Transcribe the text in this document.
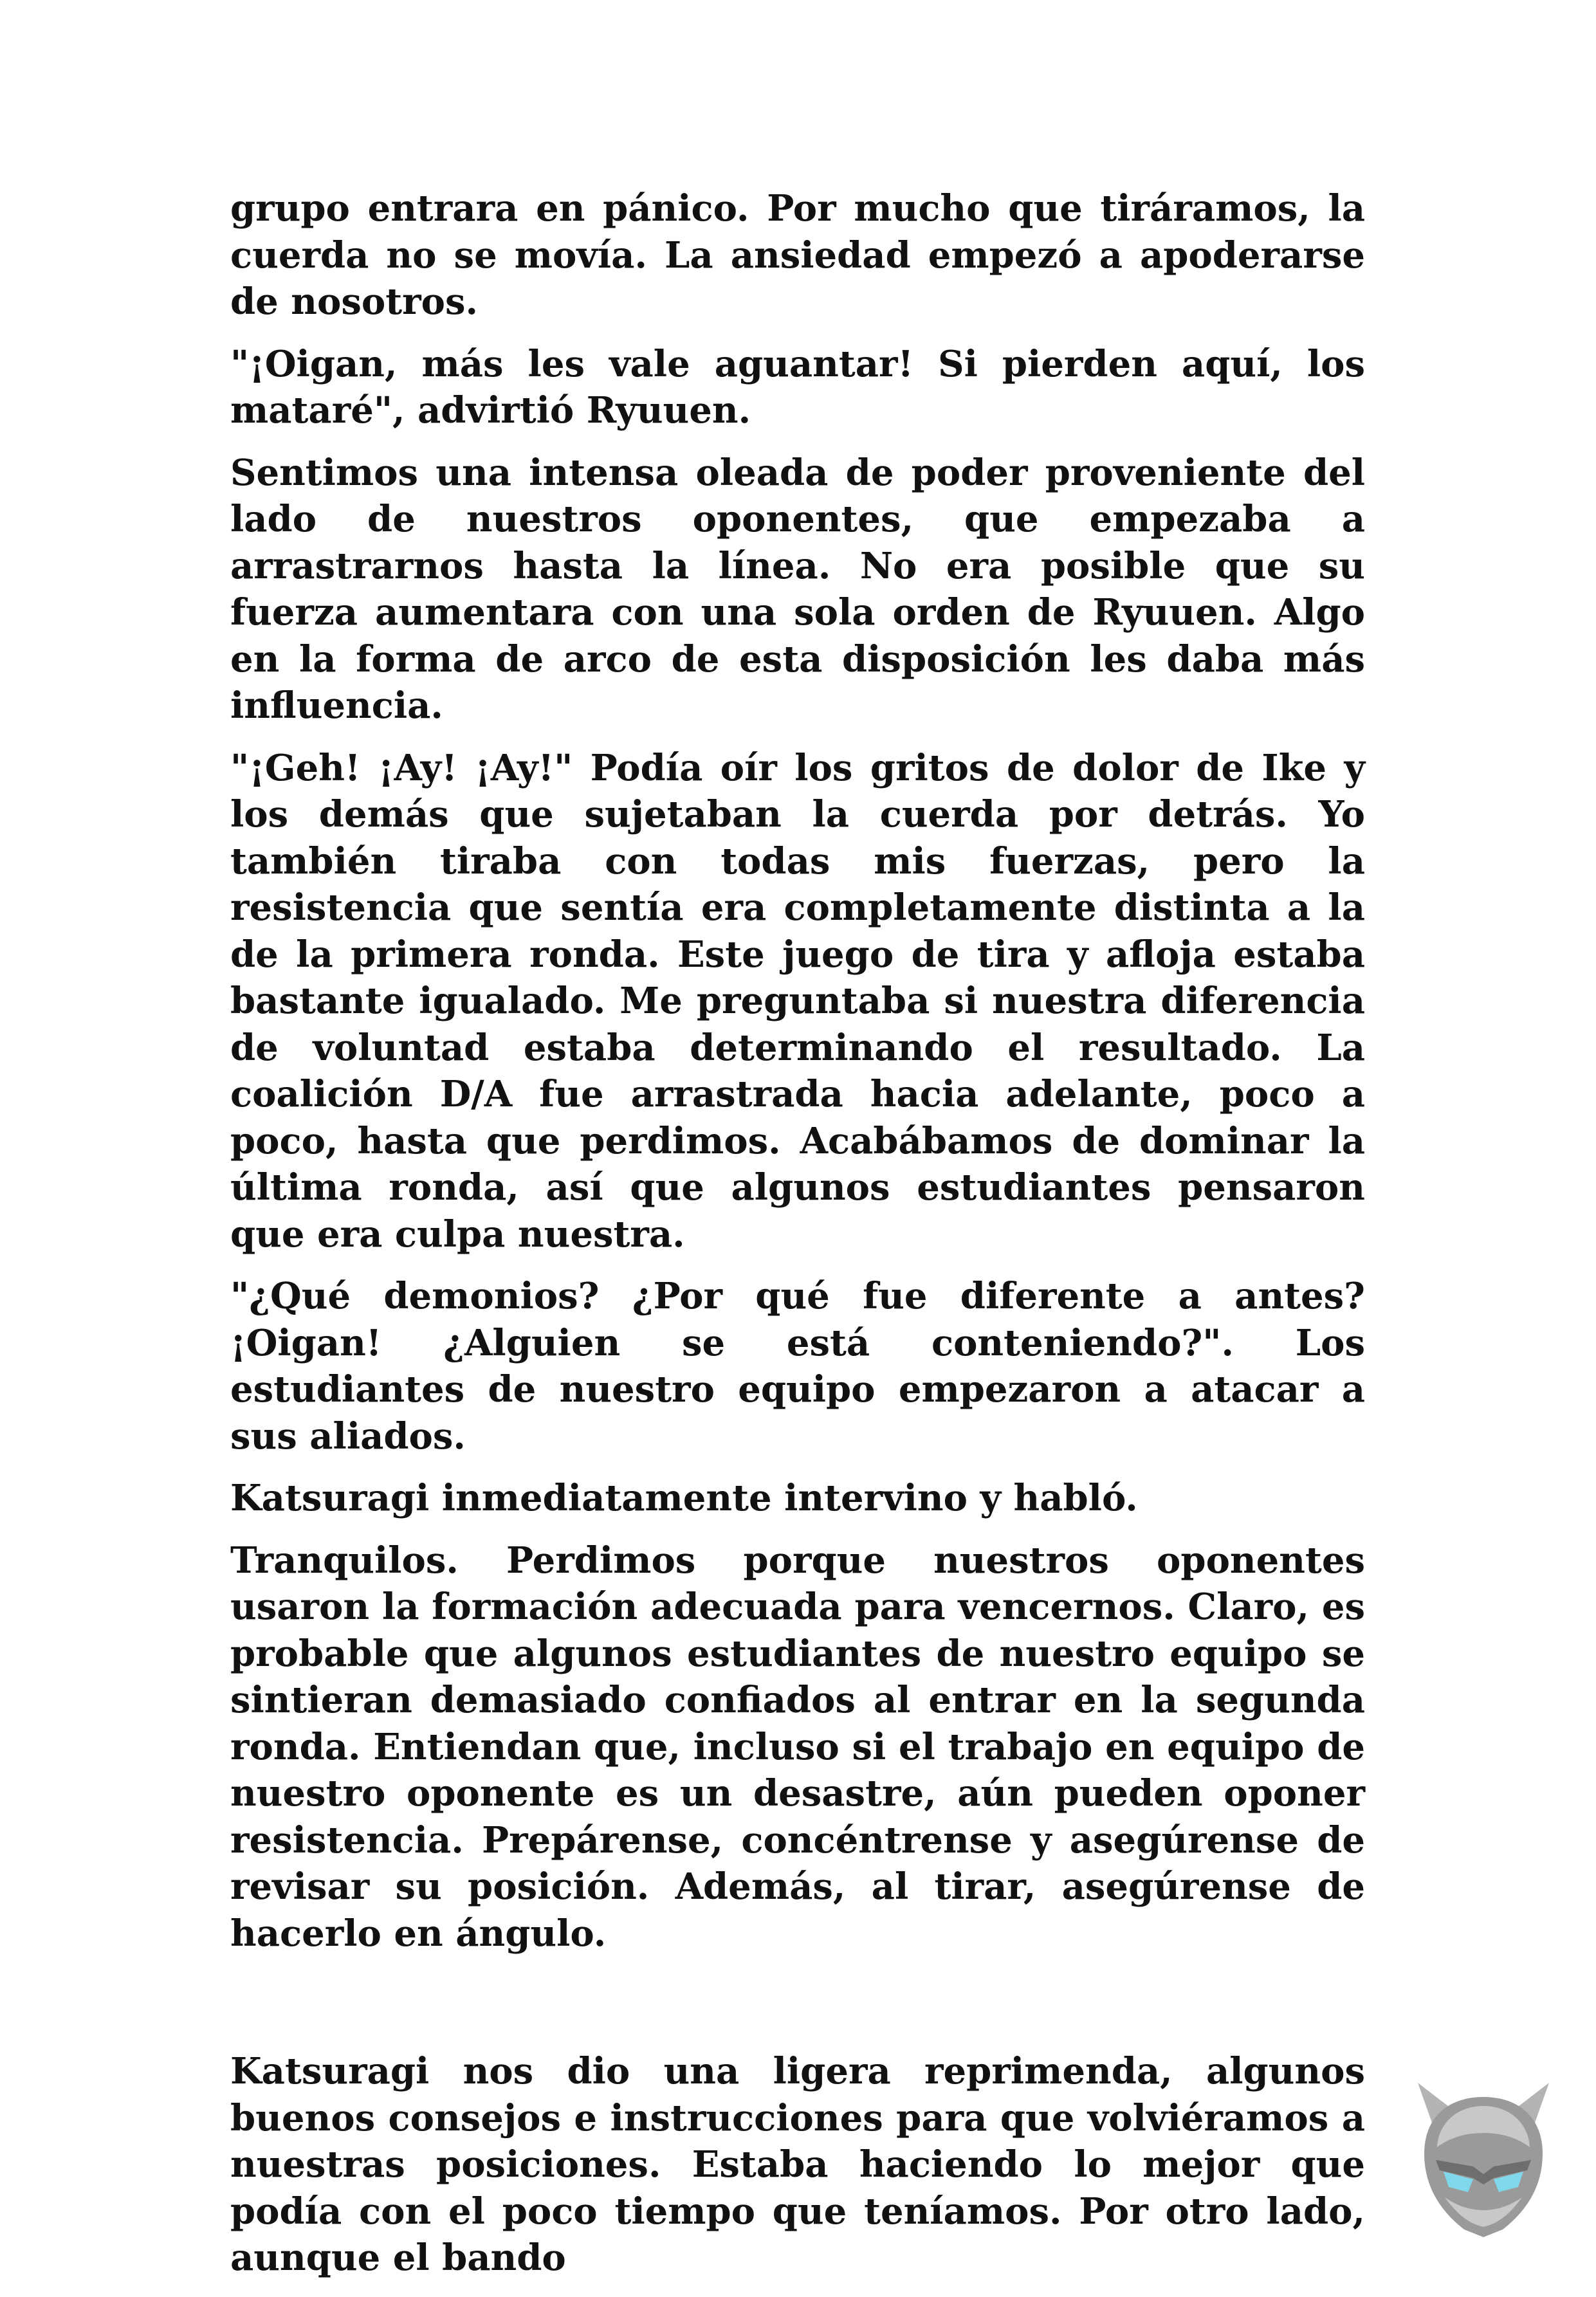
grupo entrara en pánico. Por mucho que tiráramos, la cuerda no se movía. La ansiedad empezó a apoderarse de nosotros.

"¡Oigan, más les vale aguantar! Si pierden aquí, los mataré", advirtió Ryuuen.

Sentimos una intensa oleada de poder proveniente del lado de nuestros oponentes, que empezaba a arrastrarnos hasta la línea. No era posible que su fuerza aumentara con una sola orden de Ryuuen. Algo en la forma de arco de esta disposición les daba más influencia.

"¡Geh! ¡Ay! ¡Ay!" Podía oír los gritos de dolor de Ike y los demás que sujetaban la cuerda por detrás. Yo también tiraba con todas mis fuerzas, pero la resistencia que sentía era completamente distinta a la de la primera ronda. Este juego de tira y afloja estaba bastante igualado. Me preguntaba si nuestra diferencia de voluntad estaba determinando el resultado. La coalición D/A fue arrastrada hacia adelante, poco a poco, hasta que perdimos. Acabábamos de dominar la última ronda, así que algunos estudiantes pensaron que era culpa nuestra.

"¿Qué demonios? ¿Por qué fue diferente a antes? ¡Oigan! ¿Alguien se está conteniendo?". Los estudiantes de nuestro equipo empezaron a atacar a sus aliados.

Katsuragi inmediatamente intervino y habló.

Tranquilos. Perdimos porque nuestros oponentes usaron la formación adecuada para vencernos. Claro, es probable que algunos estudiantes de nuestro equipo se sintieran demasiado confiados al entrar en la segunda ronda. Entiendan que, incluso si el trabajo en equipo de nuestro oponente es un desastre, aún pueden oponer resistencia. Prepárense, concéntrense y asegúrense de revisar su posición. Además, al tirar, asegúrense de hacerlo en ángulo.

Katsuragi nos dio una ligera reprimenda, algunos buenos consejos e instrucciones para que volviéramos a nuestras posiciones. Estaba haciendo lo mejor que podía con el poco tiempo que teníamos. Por otro lado, aunque el bando
